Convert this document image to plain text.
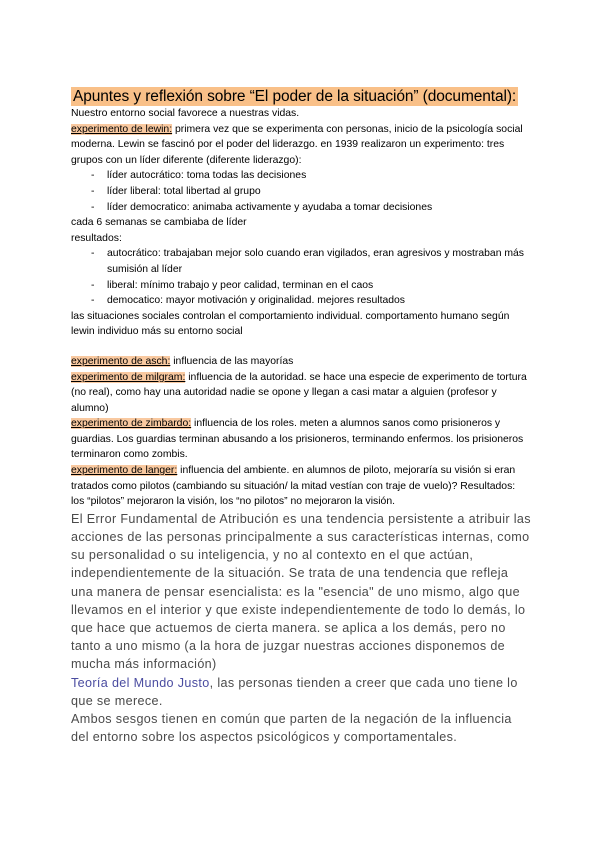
Apuntes y reflexión sobre “El poder de la situación” (documental):

Nuestro entorno social favorece a nuestras vidas.

experimento de lewin: primera vez que se experimenta con personas, inicio de la psicología social moderna. Lewin se fascinó por el poder del liderazgo. en 1939 realizaron un experimento: tres grupos con un líder diferente (diferente liderazgo):

- líder autocrático: toma todas las decisiones
- líder liberal: total libertad al grupo
- líder democratico: animaba activamente y ayudaba a tomar decisiones

cada 6 semanas se cambiaba de líder

resultados:

- autocrático: trabajaban mejor solo cuando eran vigilados, eran agresivos y mostraban más sumisión al líder
- liberal: mínimo trabajo y peor calidad, terminan en el caos
- democatico: mayor motivación y originalidad. mejores resultados

las situaciones sociales controlan el comportamiento individual. comportamento humano según lewin individuo más su entorno social

experimento de asch: influencia de las mayorías

experimento de milgram: influencia de la autoridad. se hace una especie de experimento de tortura (no real), como hay una autoridad nadie se opone y llegan a casi matar a alguien (profesor y alumno)

experimento de zimbardo: influencia de los roles. meten a alumnos sanos como prisioneros y guardias. Los guardias terminan abusando a los prisioneros, terminando enfermos. los prisioneros terminaron como zombis.

experimento de langer: influencia del ambiente. en alumnos de piloto, mejoraría su visión si eran tratados como pilotos (cambiando su situación/ la mitad vestían con traje de vuelo)? Resultados: los “pilotos” mejoraron la visión, los “no pilotos” no mejoraron la visión.

El Error Fundamental de Atribución es una tendencia persistente a atribuir las acciones de las personas principalmente a sus características internas, como su personalidad o su inteligencia, y no al contexto en el que actúan, independientemente de la situación. Se trata de una tendencia que refleja una manera de pensar esencialista: es la "esencia" de uno mismo, algo que llevamos en el interior y que existe independientemente de todo lo demás, lo que hace que actuemos de cierta manera. se aplica a los demás, pero no tanto a uno mismo (a la hora de juzgar nuestras acciones disponemos de mucha más información)

Teoría del Mundo Justo, las personas tienden a creer que cada uno tiene lo que se merece.

Ambos sesgos tienen en común que parten de la negación de la influencia del entorno sobre los aspectos psicológicos y comportamentales.
